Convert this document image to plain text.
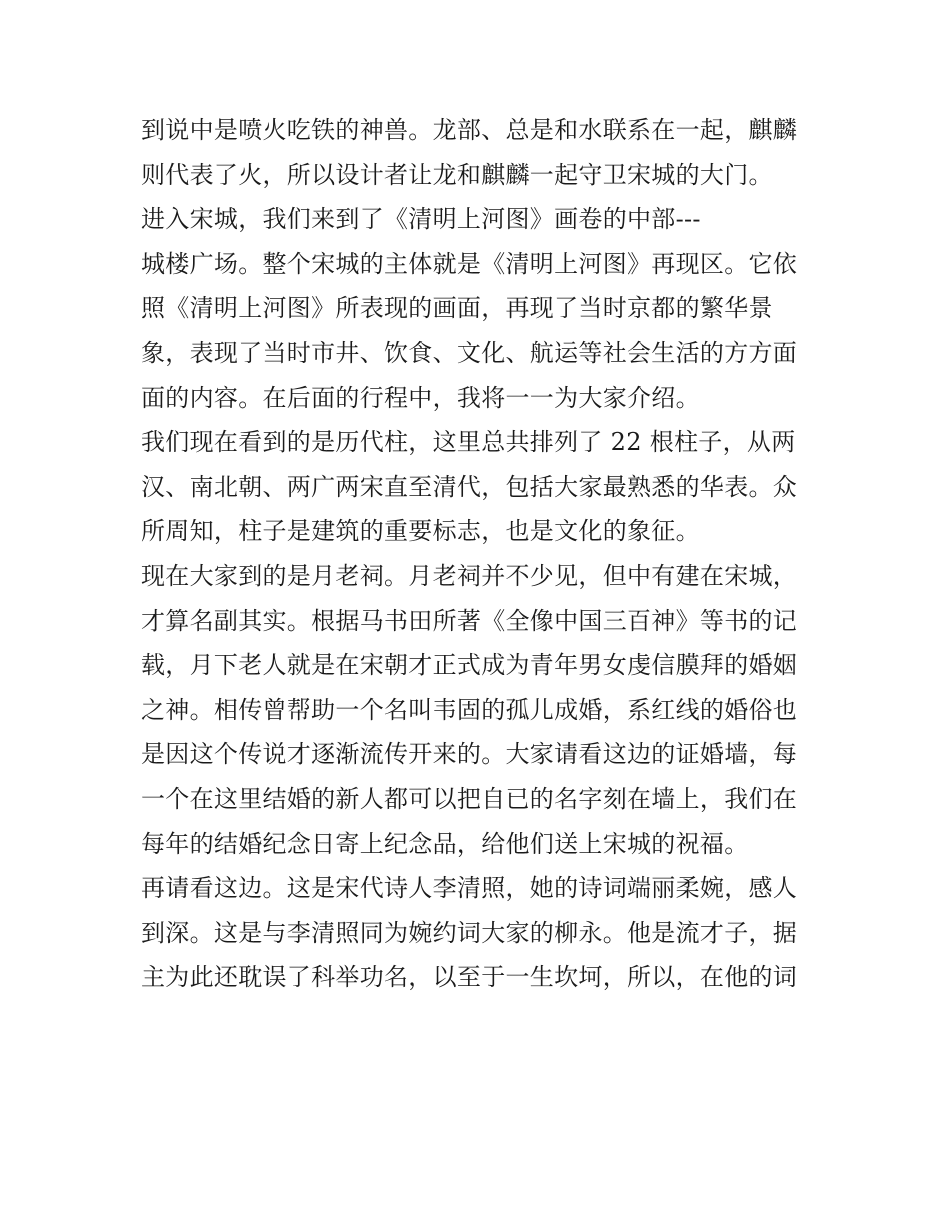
到说中是喷火吃铁的神兽。龙部、总是和水联系在一起，麒麟
则代表了火，所以设计者让龙和麒麟一起守卫宋城的大门。
进入宋城，我们来到了《清明上河图》画卷的中部---
城楼广场。整个宋城的主体就是《清明上河图》再现区。它依
照《清明上河图》所表现的画面，再现了当时京都的繁华景
象，表现了当时市井、饮食、文化、航运等社会生活的方方面
面的内容。在后面的行程中，我将一一为大家介绍。
我们现在看到的是历代柱，这里总共排列了 22 根柱子，从两
汉、南北朝、两广两宋直至清代，包括大家最熟悉的华表。众
所周知，柱子是建筑的重要标志，也是文化的象征。
现在大家到的是月老祠。月老祠并不少见，但中有建在宋城，
才算名副其实。根据马书田所著《全像中国三百神》等书的记
载，月下老人就是在宋朝才正式成为青年男女虔信膜拜的婚姻
之神。相传曾帮助一个名叫韦固的孤儿成婚，系红线的婚俗也
是因这个传说才逐渐流传开来的。大家请看这边的证婚墙，每
一个在这里结婚的新人都可以把自已的名字刻在墙上，我们在
每年的结婚纪念日寄上纪念品，给他们送上宋城的祝福。
再请看这边。这是宋代诗人李清照，她的诗词端丽柔婉，感人
到深。这是与李清照同为婉约词大家的柳永。他是流才子，据
主为此还耽误了科举功名，以至于一生坎坷，所以，在他的词
